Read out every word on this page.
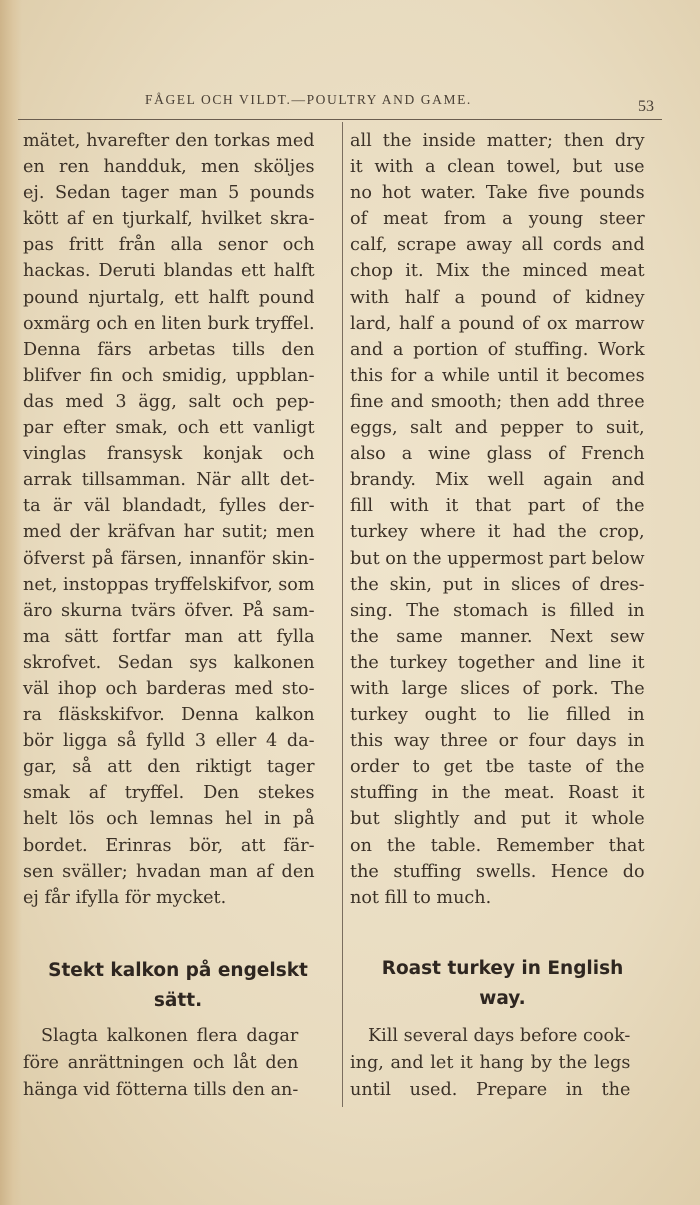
FÅGEL OCH VILDT.—POULTRY AND GAME.	53
mätet, hvarefter den torkas med
en ren handduk, men sköljes
ej. Sedan tager man 5 pounds
kött af en tjurkalf, hvilket skra-
pas fritt från alla senor och
hackas. Deruti blandas ett halft
pound njurtalg, ett halft pound
oxmärg och en liten burk tryffel.
Denna färs arbetas tills den
blifver fin och smidig, uppblan-
das med 3 ägg, salt och pep-
par efter smak, och ett vanligt
vinglas fransysk konjak och
arrak tillsamman. När allt det-
ta är väl blandadt, fylles der-
med der kräfvan har sutit; men
öfverst på färsen, innanför skin-
net, instoppas tryffelskifvor, som
äro skurna tvärs öfver. På sam-
ma sätt fortfar man att fylla
skrofvet. Sedan sys kalkonen
väl ihop och barderas med sto-
ra fläskskifvor. Denna kalkon
bör ligga så fylld 3 eller 4 da-
gar, så att den riktigt tager
smak af tryffel. Den stekes
helt lös och lemnas hel in på
bordet. Erinras bör, att fär-
sen sväller; hvadan man af den
ej får ifylla för mycket.
Stekt kalkon på engelskt
sätt.
Slagta kalkonen flera dagar
före anrättningen och låt den
hänga vid fötterna tills den an-
all the inside matter; then dry
it with a clean towel, but use
no hot water. Take five pounds
of meat from a young steer
calf, scrape away all cords and
chop it. Mix the minced meat
with half a pound of kidney
lard, half a pound of ox marrow
and a portion of stuffing. Work
this for a while until it becomes
fine and smooth; then add three
eggs, salt and pepper to suit,
also a wine glass of French
brandy. Mix well again and
fill with it that part of the
turkey where it had the crop,
but on the uppermost part below
the skin, put in slices of dres-
sing. The stomach is filled in
the same manner. Next sew
the turkey together and line it
with large slices of pork. The
turkey ought to lie filled in
this way three or four days in
order to get tbe taste of the
stuffing in the meat. Roast it
but slightly and put it whole
on the table. Remember that
the stuffing swells. Hence do
not fill to much.
Roast turkey in English
way.
Kill several days before cook-
ing, and let it hang by the legs
until used. Prepare in the
